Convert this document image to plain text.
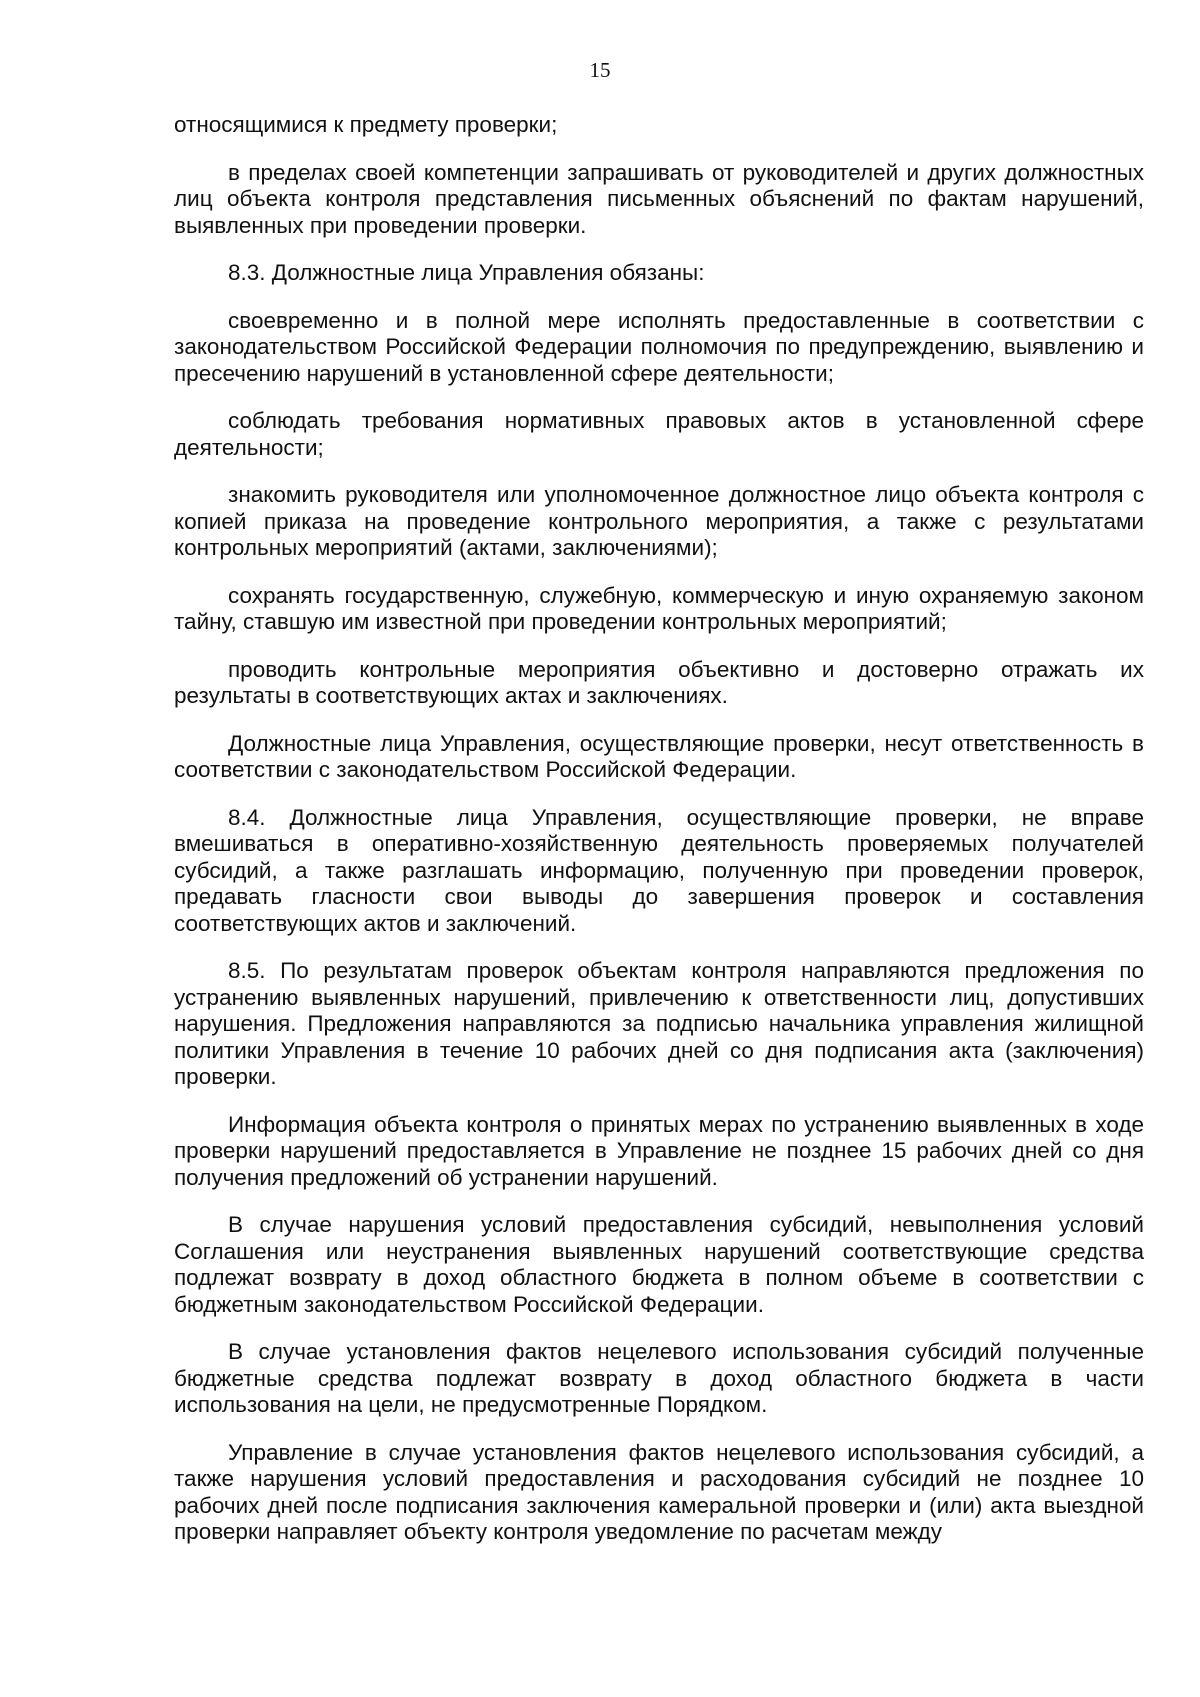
15

относящимися к предмету проверки;

в пределах своей компетенции запрашивать от руководителей и других должностных лиц объекта контроля представления письменных объяснений по фактам нарушений, выявленных при проведении проверки.

8.3. Должностные лица Управления обязаны:

своевременно и в полной мере исполнять предоставленные в соответствии с законодательством Российской Федерации полномочия по предупреждению, выявлению и пресечению нарушений в установленной сфере деятельности;

соблюдать требования нормативных правовых актов в установленной сфере деятельности;

знакомить руководителя или уполномоченное должностное лицо объекта контроля с копией приказа на проведение контрольного мероприятия, а также с результатами контрольных мероприятий (актами, заключениями);

сохранять государственную, служебную, коммерческую и иную охраняемую законом тайну, ставшую им известной при проведении контрольных мероприятий;

проводить контрольные мероприятия объективно и достоверно отражать их результаты в соответствующих актах и заключениях.

Должностные лица Управления, осуществляющие проверки, несут ответственность в соответствии с законодательством Российской Федерации.

8.4. Должностные лица Управления, осуществляющие проверки, не вправе вмешиваться в оперативно-хозяйственную деятельность проверяемых получателей субсидий, а также разглашать информацию, полученную при проведении проверок, предавать гласности свои выводы до завершения проверок и составления соответствующих актов и заключений.

8.5. По результатам проверок объектам контроля направляются предложения по устранению выявленных нарушений, привлечению к ответственности лиц, допустивших нарушения. Предложения направляются за подписью начальника управления жилищной политики Управления в течение 10 рабочих дней со дня подписания акта (заключения) проверки.

Информация объекта контроля о принятых мерах по устранению выявленных в ходе проверки нарушений предоставляется в Управление не позднее 15 рабочих дней со дня получения предложений об устранении нарушений.

В случае нарушения условий предоставления субсидий, невыполнения условий Соглашения или неустранения выявленных нарушений соответствующие средства подлежат возврату в доход областного бюджета в полном объеме в соответствии с бюджетным законодательством Российской Федерации.

В случае установления фактов нецелевого использования субсидий полученные бюджетные средства подлежат возврату в доход областного бюджета в части использования на цели, не предусмотренные Порядком.

Управление в случае установления фактов нецелевого использования субсидий, а также нарушения условий предоставления и расходования субсидий не позднее 10 рабочих дней после подписания заключения камеральной проверки и (или) акта выездной проверки направляет объекту контроля уведомление по расчетам между
